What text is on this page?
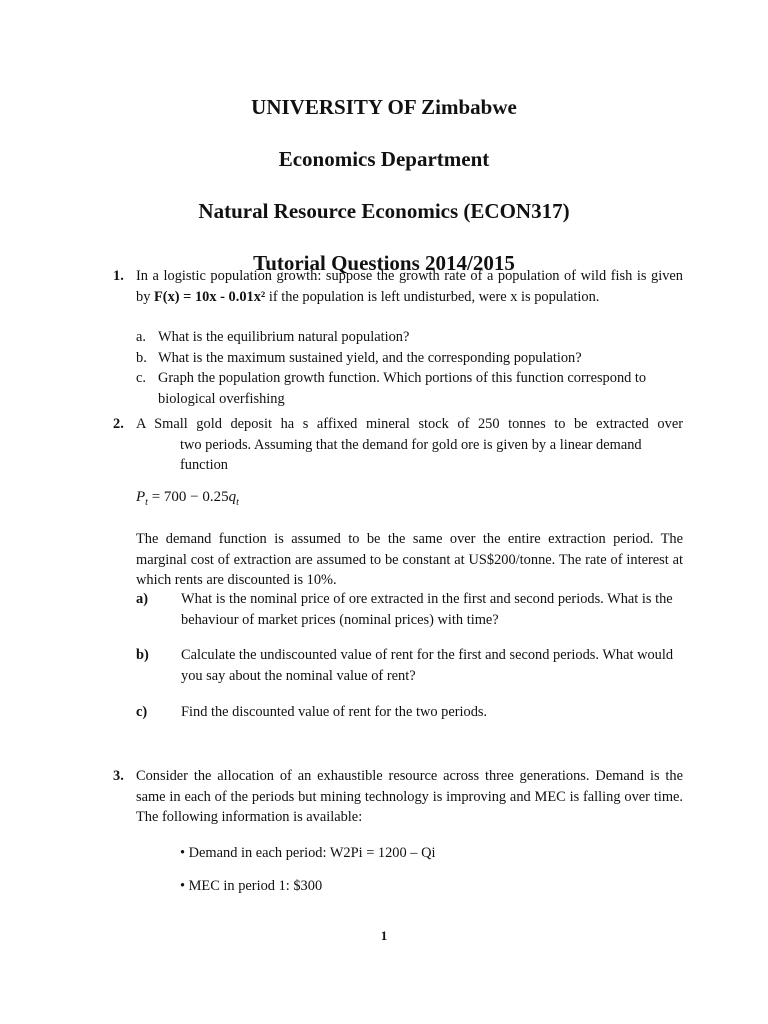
UNIVERSITY OF Zimbabwe
Economics Department
Natural Resource Economics (ECON317)
Tutorial Questions 2014/2015
1. In a logistic population growth: suppose the growth rate of a population of wild fish is given by F(x) = 10x - 0.01x² if the population is left undisturbed, were x is population.
a. What is the equilibrium natural population?
b. What is the maximum sustained yield, and the corresponding population?
c. Graph the population growth function. Which portions of this function correspond to biological overfishing
2. A Small gold deposit ha s affixed mineral stock of 250 tonnes to be extracted over
two periods. Assuming that the demand for gold ore is given by a linear demand
function
$P_t = 700 - 0.25q_t$
The demand function is assumed to be the same over the entire extraction period. The marginal cost of extraction are assumed to be constant at US$200/tonne. The rate of interest at which rents are discounted is 10%.
a) What is the nominal price of ore extracted in the first and second periods. What is the behaviour of market prices (nominal prices) with time?
b) Calculate the undiscounted value of rent for the first and second periods. What would you say about the nominal value of rent?
c) Find the discounted value of rent for the two periods.
3. Consider the allocation of an exhaustible resource across three generations. Demand is the same in each of the periods but mining technology is improving and MEC is falling over time. The following information is available:
• Demand in each period: W2Pi = 1200 – Qi
• MEC in period 1: $300
1
